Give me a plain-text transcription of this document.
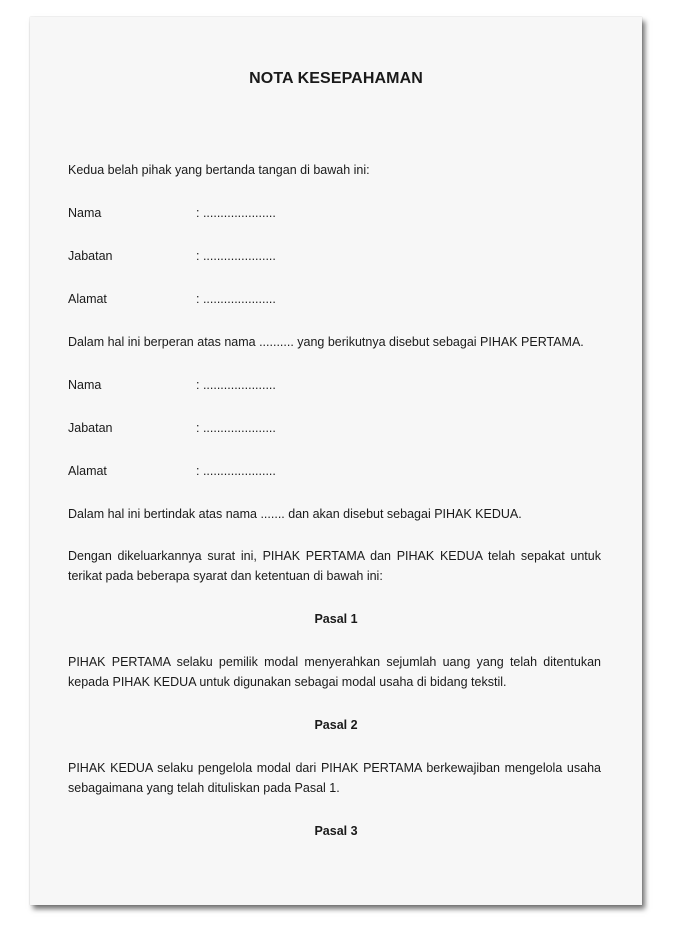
NOTA KESEPAHAMAN
Kedua belah pihak yang bertanda tangan di bawah ini:
Nama	: .....................
Jabatan	: .....................
Alamat	: .....................
Dalam hal ini berperan atas nama .......... yang berikutnya disebut sebagai PIHAK PERTAMA.
Nama	: .....................
Jabatan	: .....................
Alamat	: .....................
Dalam hal ini bertindak atas nama ....... dan akan disebut sebagai PIHAK KEDUA.
Dengan dikeluarkannya surat ini, PIHAK PERTAMA dan PIHAK KEDUA telah sepakat untuk terikat pada beberapa syarat dan ketentuan di bawah ini:
Pasal 1
PIHAK PERTAMA selaku pemilik modal menyerahkan sejumlah uang yang telah ditentukan kepada PIHAK KEDUA untuk digunakan sebagai modal usaha di bidang tekstil.
Pasal 2
PIHAK KEDUA selaku pengelola modal dari PIHAK PERTAMA berkewajiban mengelola usaha sebagaimana yang telah dituliskan pada Pasal 1.
Pasal 3
